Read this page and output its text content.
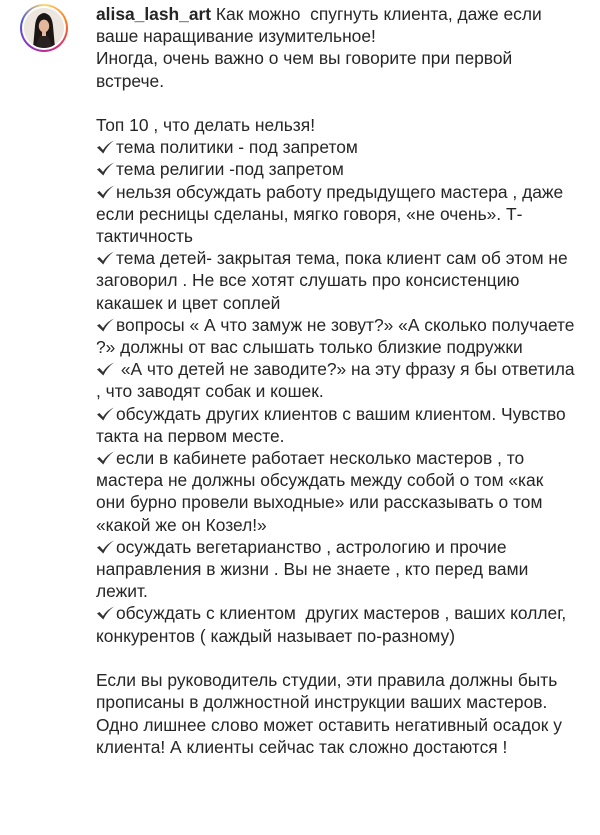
alisa_lash_art Как можно  спугнуть клиента, даже если ваше наращивание изумительное!
Иногда, очень важно о чем вы говорите при первой встрече.

Топ 10 , что делать нельзя!
тема политики - под запретом
тема религии -под запретом
нельзя обсуждать работу предыдущего мастера , даже если ресницы сделаны, мягко говоря, «не очень». Т-тактичность
тема детей- закрытая тема, пока клиент сам об этом не заговорил . Не все хотят слушать про консистенцию какашек и цвет соплей
вопросы « А что замуж не зовут?» «А сколько получаете ?» должны от вас слышать только близкие подружки
«А что детей не заводите?» на эту фразу я бы ответила , что заводят собак и кошек.
обсуждать других клиентов с вашим клиентом. Чувство такта на первом месте.
если в кабинете работает несколько мастеров , то мастера не должны обсуждать между собой о том «как они бурно провели выходные» или рассказывать о том «какой же он Козел!»
осуждать вегетарианство , астрологию и прочие направления в жизни . Вы не знаете , кто перед вами лежит.
обсуждать с клиентом  других мастеров , ваших коллег, конкурентов ( каждый называет по-разному)

Если вы руководитель студии, эти правила должны быть прописаны в должностной инструкции ваших мастеров.
Одно лишнее слово может оставить негативный осадок у клиента! А клиенты сейчас так сложно достаются !
